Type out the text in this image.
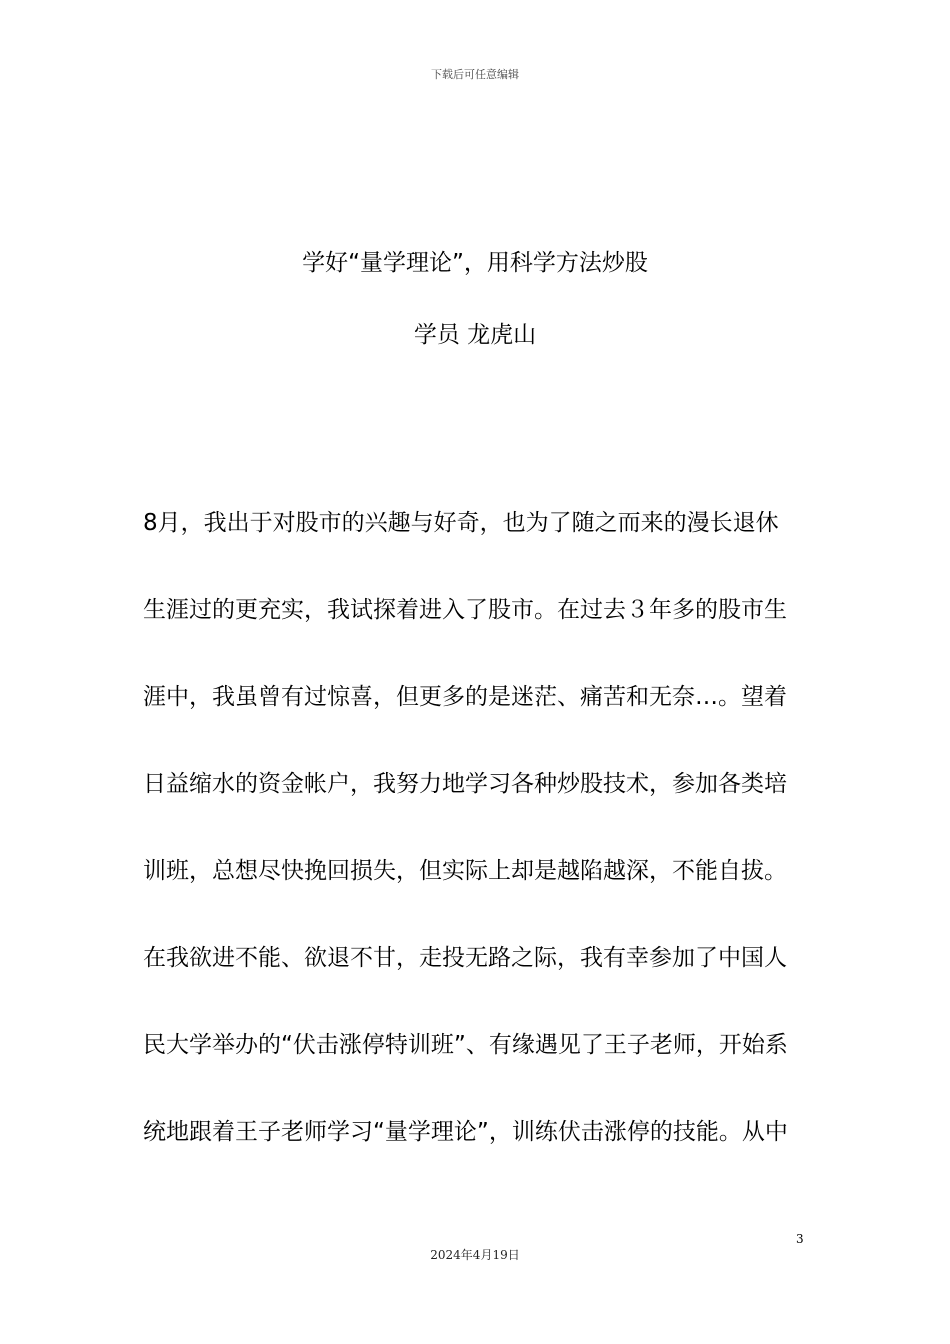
下载后可任意编辑
学好“量学理论”，用科学方法炒股
学员 龙虎山
8月，我出于对股市的兴趣与好奇，也为了随之而来的漫长退休
生涯过的更充实，我试探着进入了股市。在过去３年多的股市生
涯中，我虽曾有过惊喜，但更多的是迷茫、痛苦和无奈…。望着
日益缩水的资金帐户，我努力地学习各种炒股技术，参加各类培
训班，总想尽快挽回损失，但实际上却是越陷越深，不能自拔。
在我欲进不能、欲退不甘，走投无路之际，我有幸参加了中国人
民大学举办的“伏击涨停特训班”、有缘遇见了王子老师，开始系
统地跟着王子老师学习“量学理论”，训练伏击涨停的技能。从中
3
2024年4月19日
